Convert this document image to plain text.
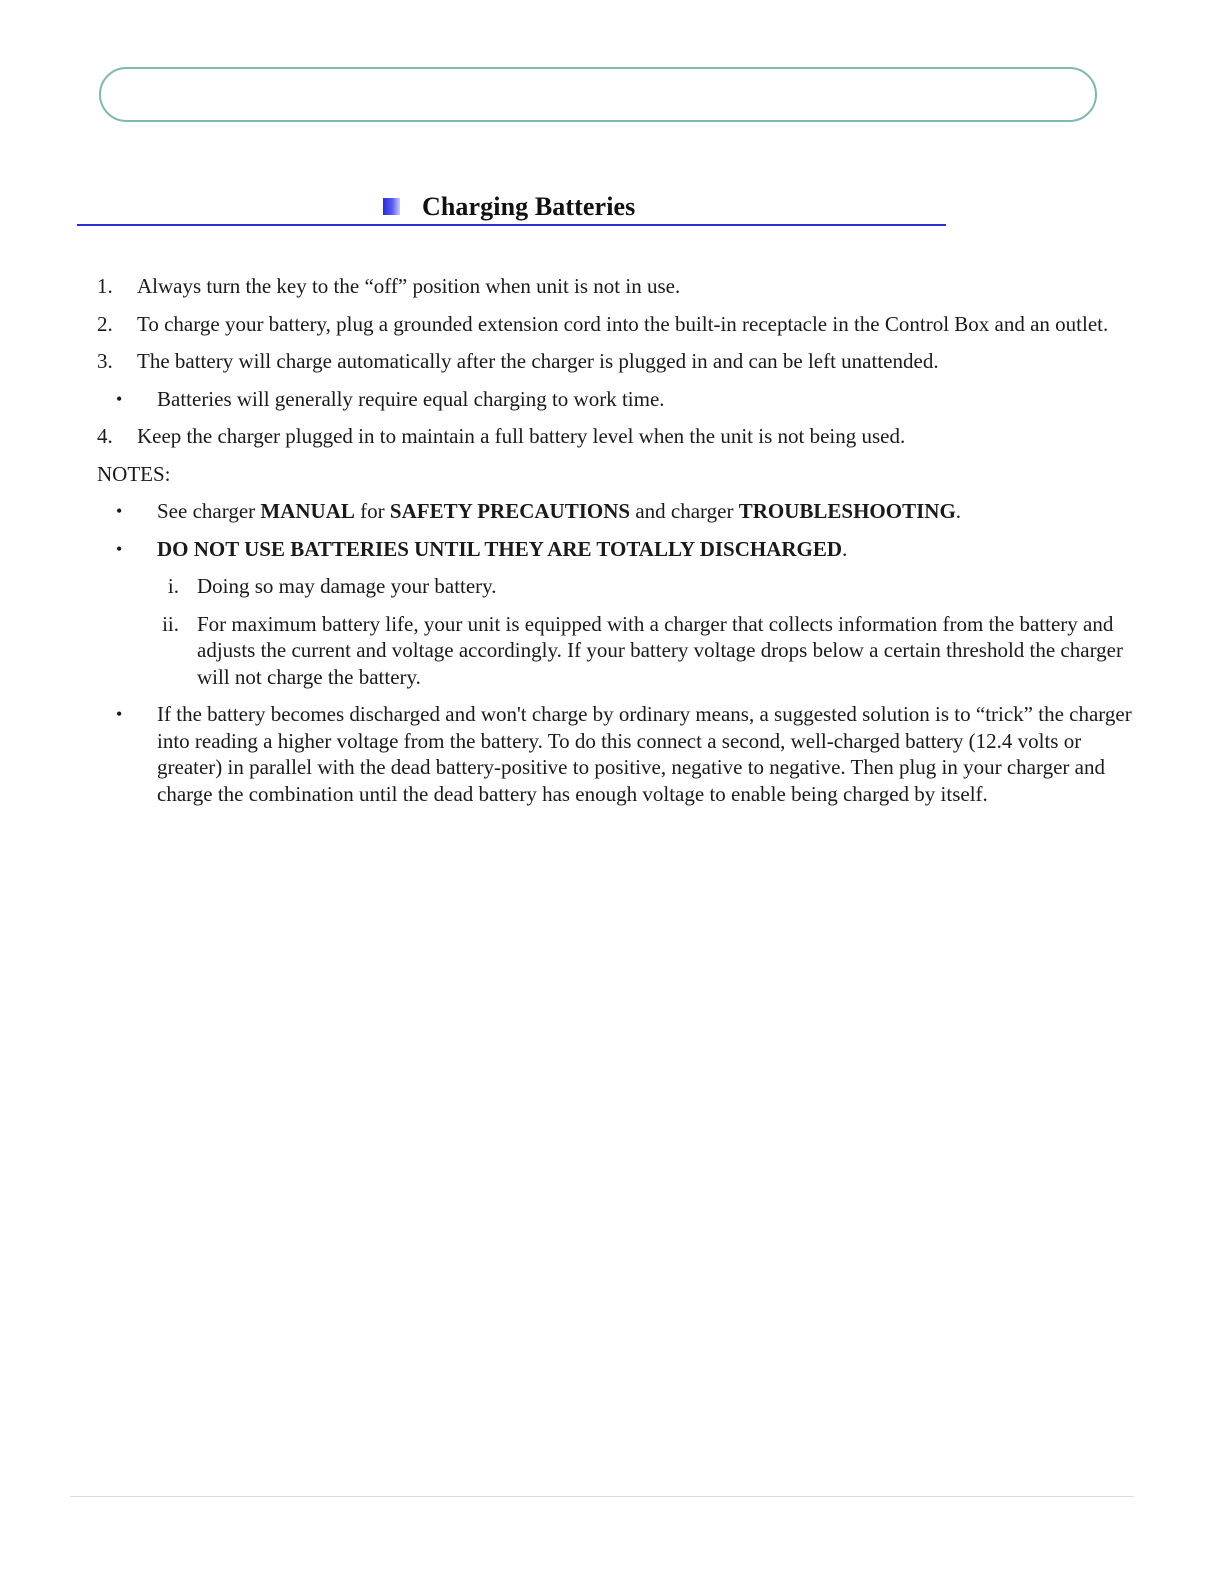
Charging Batteries
1. Always turn the key to the “off” position when unit is not in use.
2. To charge your battery, plug a grounded extension cord into the built-in receptacle in the Control Box and an outlet.
3. The battery will charge automatically after the charger is plugged in and can be left unattended.
• Batteries will generally require equal charging to work time.
4. Keep the charger plugged in to maintain a full battery level when the unit is not being used.
NOTES:
• See charger MANUAL for SAFETY PRECAUTIONS and charger TROUBLESHOOTING.
• DO NOT USE BATTERIES UNTIL THEY ARE TOTALLY DISCHARGED.
i. Doing so may damage your battery.
ii. For maximum battery life, your unit is equipped with a charger that collects information from the battery and adjusts the current and voltage accordingly. If your battery voltage drops below a certain threshold the charger will not charge the battery.
• If the battery becomes discharged and won't charge by ordinary means, a suggested solution is to “trick” the charger into reading a higher voltage from the battery. To do this connect a second, well-charged battery (12.4 volts or greater) in parallel with the dead battery-positive to positive, negative to negative. Then plug in your charger and charge the combination until the dead battery has enough voltage to enable being charged by itself.
